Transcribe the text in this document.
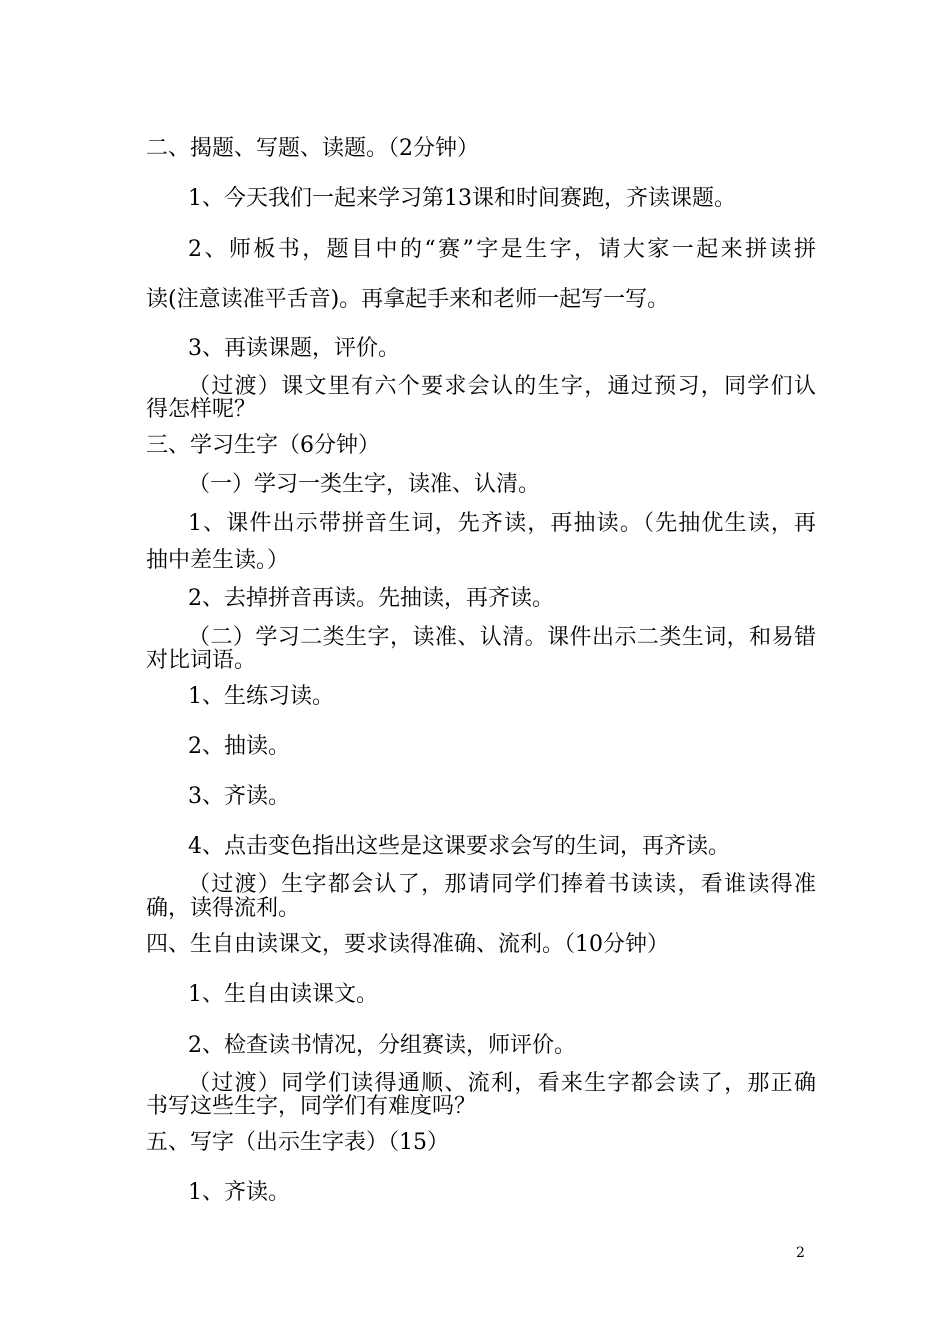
二、揭题、写题、读题。（2分钟）
1、今天我们一起来学习第13课和时间赛跑，齐读课题。
2、师板书，题目中的“赛”字是生字，请大家一起来拼读拼
读(注意读准平舌音)。再拿起手来和老师一起写一写。
3、再读课题，评价。
（过渡）课文里有六个要求会认的生字，通过预习，同学们认
得怎样呢？
三、学习生字（6分钟）
（一）学习一类生字，读准、认清。
1、课件出示带拼音生词，先齐读，再抽读。（先抽优生读，再
抽中差生读。）
2、去掉拼音再读。先抽读，再齐读。
（二）学习二类生字，读准、认清。课件出示二类生词，和易错
对比词语。
1、生练习读。
2、抽读。
3、齐读。
4、点击变色指出这些是这课要求会写的生词，再齐读。
（过渡）生字都会认了，那请同学们捧着书读读，看谁读得准
确，读得流利。
四、生自由读课文，要求读得准确、流利。（10分钟）
1、生自由读课文。
2、检查读书情况，分组赛读，师评价。
（过渡）同学们读得通顺、流利，看来生字都会读了，那正确
书写这些生字，同学们有难度吗？
五、写字（出示生字表）（15）
1、齐读。
2
